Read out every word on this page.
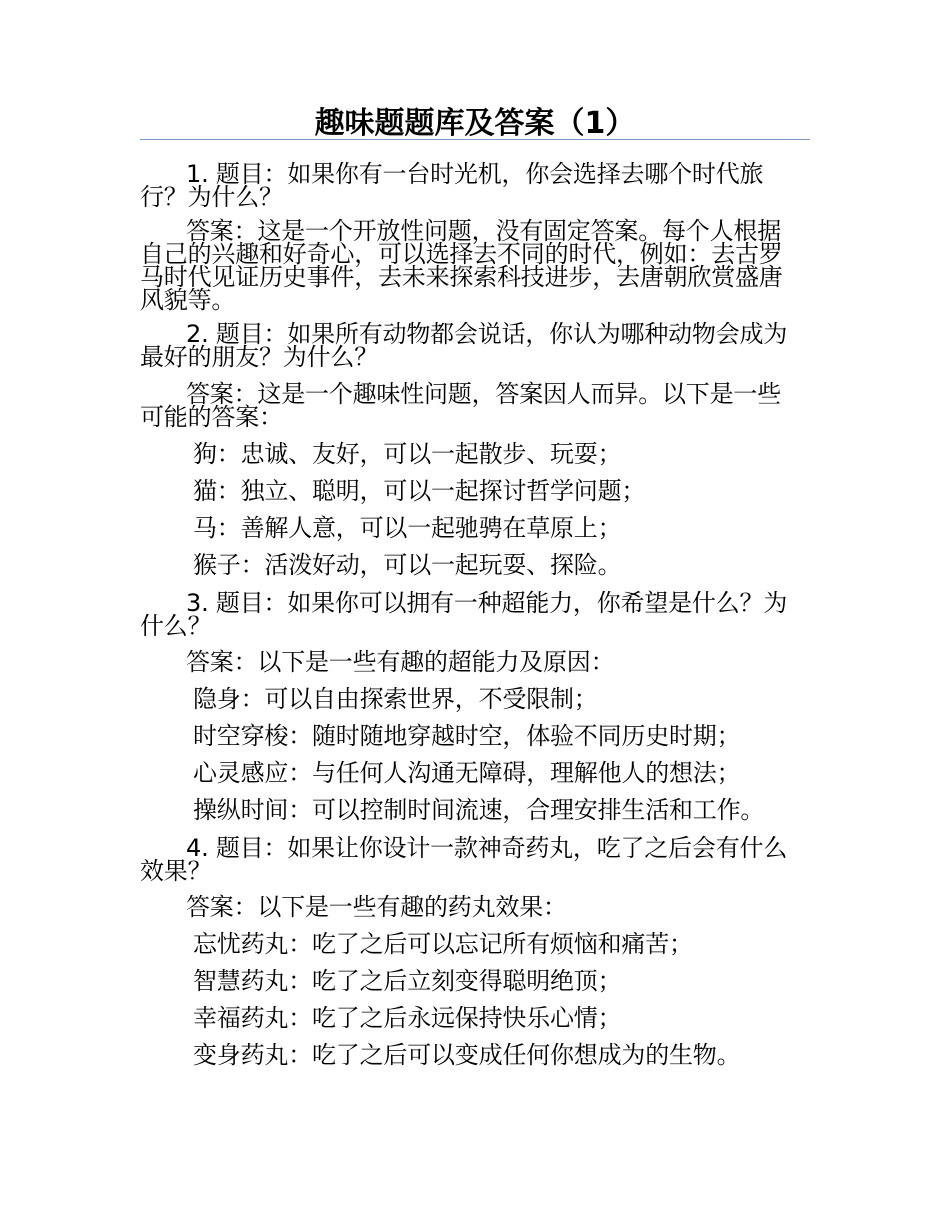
趣味题题库及答案（1）
1. 题目：如果你有一台时光机，你会选择去哪个时代旅
行？为什么？
答案：这是一个开放性问题，没有固定答案。每个人根据
自己的兴趣和好奇心，可以选择去不同的时代，例如：去古罗
马时代见证历史事件，去未来探索科技进步，去唐朝欣赏盛唐
风貌等。
2. 题目：如果所有动物都会说话，你认为哪种动物会成为
最好的朋友？为什么？
答案：这是一个趣味性问题，答案因人而异。以下是一些
可能的答案：
狗：忠诚、友好，可以一起散步、玩耍；
猫：独立、聪明，可以一起探讨哲学问题；
马：善解人意，可以一起驰骋在草原上；
猴子：活泼好动，可以一起玩耍、探险。
3. 题目：如果你可以拥有一种超能力，你希望是什么？为
什么？
答案：以下是一些有趣的超能力及原因：
隐身：可以自由探索世界，不受限制；
时空穿梭：随时随地穿越时空，体验不同历史时期；
心灵感应：与任何人沟通无障碍，理解他人的想法；
操纵时间：可以控制时间流速，合理安排生活和工作。
4. 题目：如果让你设计一款神奇药丸，吃了之后会有什么
效果？
答案：以下是一些有趣的药丸效果：
忘忧药丸：吃了之后可以忘记所有烦恼和痛苦；
智慧药丸：吃了之后立刻变得聪明绝顶；
幸福药丸：吃了之后永远保持快乐心情；
变身药丸：吃了之后可以变成任何你想成为的生物。
